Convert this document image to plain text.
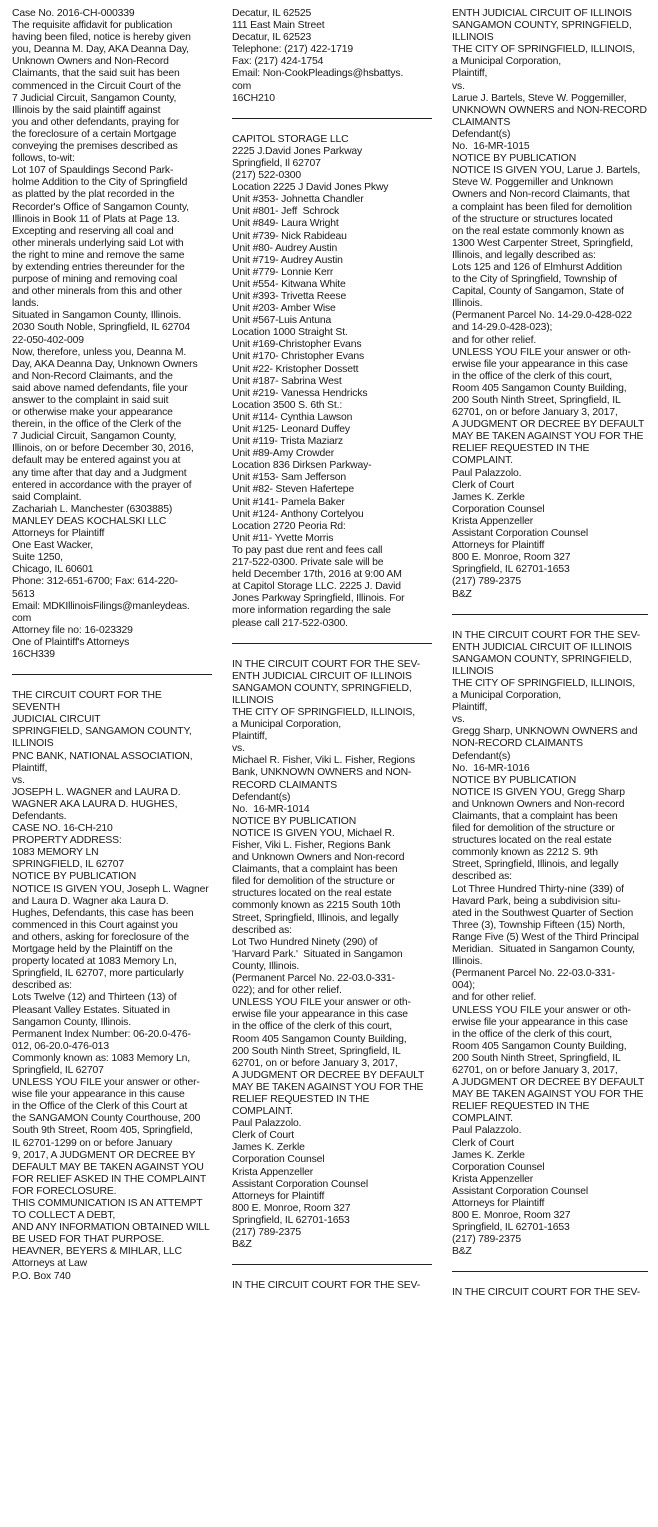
Case No. 2016-CH-000339
The requisite affidavit for publication
having been filed, notice is hereby given
you, Deanna M. Day, AKA Deanna Day,
Unknown Owners and Non-Record
Claimants, that the said suit has been
commenced in the Circuit Court of the
7 Judicial Circuit, Sangamon County,
Illinois by the said plaintiff against
you and other defendants, praying for
the foreclosure of a certain Mortgage
conveying the premises described as
follows, to-wit:
Lot 107 of Spauldings Second Park-
holme Addition to the City of Springfield
as platted by the plat recorded in the
Recorder's Office of Sangamon County,
Illinois in Book 11 of Plats at Page 13.
Excepting and reserving all coal and
other minerals underlying said Lot with
the right to mine and remove the same
by extending entries thereunder for the
purpose of mining and removing coal
and other minerals from this and other
lands.
Situated in Sangamon County, Illinois.
2030 South Noble, Springfield, IL 62704
22-050-402-009
Now, therefore, unless you, Deanna M.
Day, AKA Deanna Day, Unknown Owners
and Non-Record Claimants, and the
said above named defendants, file your
answer to the complaint in said suit
or otherwise make your appearance
therein, in the office of the Clerk of the
7 Judicial Circuit, Sangamon County,
Illinois, on or before December 30, 2016,
default may be entered against you at
any time after that day and a Judgment
entered in accordance with the prayer of
said Complaint.
Zachariah L. Manchester (6303885)
MANLEY DEAS KOCHALSKI LLC
Attorneys for Plaintiff
One East Wacker,
Suite 1250,
Chicago, IL 60601
Phone: 312-651-6700; Fax: 614-220-
5613
Email: MDKIllinoisFilings@manleydeas.
com
Attorney file no: 16-023329
One of Plaintiff's Attorneys
16CH339
THE CIRCUIT COURT FOR THE SEVENTH
JUDICIAL CIRCUIT
SPRINGFIELD, SANGAMON COUNTY,
ILLINOIS
PNC BANK, NATIONAL ASSOCIATION,
Plaintiff,
vs.
JOSEPH L. WAGNER and LAURA D.
WAGNER AKA LAURA D. HUGHES,
Defendants.
CASE NO. 16-CH-210
PROPERTY ADDRESS:
1083 MEMORY LN
SPRINGFIELD, IL 62707
NOTICE BY PUBLICATION
NOTICE IS GIVEN YOU, Joseph L. Wagner
and Laura D. Wagner aka Laura D.
Hughes, Defendants, this case has been
commenced in this Court against you
and others, asking for foreclosure of the
Mortgage held by the Plaintiff on the
property located at 1083 Memory Ln,
Springfield, IL 62707, more particularly
described as:
Lots Twelve (12) and Thirteen (13) of
Pleasant Valley Estates. Situated in
Sangamon County, Illinois.
Permanent Index Number: 06-20.0-476-
012, 06-20.0-476-013
Commonly known as: 1083 Memory Ln,
Springfield, IL 62707
UNLESS YOU FILE your answer or other-
wise file your appearance in this cause
in the Office of the Clerk of this Court at
the SANGAMON County Courthouse, 200
South 9th Street, Room 405, Springfield,
IL 62701-1299 on or before January
9, 2017, A JUDGMENT OR DECREE BY
DEFAULT MAY BE TAKEN AGAINST YOU
FOR RELIEF ASKED IN THE COMPLAINT
FOR FORECLOSURE.
THIS COMMUNICATION IS AN ATTEMPT
TO COLLECT A DEBT,
AND ANY INFORMATION OBTAINED WILL
BE USED FOR THAT PURPOSE.
HEAVNER, BEYERS & MIHLAR, LLC
Attorneys at Law
P.O. Box 740
Decatur, IL 62525
111 East Main Street
Decatur, IL 62523
Telephone: (217) 422-1719
Fax: (217) 424-1754
Email: Non-CookPleadings@hsbattys.
com
16CH210
CAPITOL STORAGE LLC
2225 J.David Jones Parkway
Springfield, Il 62707
(217) 522-0300
Location 2225 J David Jones Pkwy
Unit #353- Johnetta Chandler
Unit #801- Jeff  Schrock
Unit #849- Laura Wright
Unit #739- Nick Rabideau
Unit #80- Audrey Austin
Unit #719- Audrey Austin
Unit #779- Lonnie Kerr
Unit #554- Kitwana White
Unit #393- Trivetta Reese
Unit #203- Amber Wise
Unit #567-Luis Antuna
Location 1000 Straight St.
Unit #169-Christopher Evans
Unit #170- Christopher Evans
Unit #22- Kristopher Dossett
Unit #187- Sabrina West
Unit #219- Vanessa Hendricks
Location 3500 S. 6th St.:
Unit #114- Cynthia Lawson
Unit #125- Leonard Duffey
Unit #119- Trista Maziarz
Unit #89-Amy Crowder
Location 836 Dirksen Parkway-
Unit #153- Sam Jefferson
Unit #82- Steven Hafertepe
Unit #141- Pamela Baker
Unit #124- Anthony Cortelyou
Location 2720 Peoria Rd:
Unit #11- Yvette Morris
To pay past due rent and fees call
217-522-0300. Private sale will be
held December 17th, 2016 at 9:00 AM
at Capitol Storage LLC. 2225 J. David
Jones Parkway Springfield, Illinois. For
more information regarding the sale
please call 217-522-0300.
IN THE CIRCUIT COURT FOR THE SEV-
ENTH JUDICIAL CIRCUIT OF ILLINOIS
SANGAMON COUNTY, SPRINGFIELD,
ILLINOIS
THE CITY OF SPRINGFIELD, ILLINOIS,
a Municipal Corporation,
Plaintiff,
vs.
Michael R. Fisher, Viki L. Fisher, Regions
Bank, UNKNOWN OWNERS and NON-
RECORD CLAIMANTS
Defendant(s)
No.  16-MR-1014
NOTICE BY PUBLICATION
NOTICE IS GIVEN YOU, Michael R.
Fisher, Viki L. Fisher, Regions Bank
and Unknown Owners and Non-record
Claimants, that a complaint has been
filed for demolition of the structure or
structures located on the real estate
commonly known as 2215 South 10th
Street, Springfield, Illinois, and legally
described as:
Lot Two Hundred Ninety (290) of
'Harvard Park.'  Situated in Sangamon
County, Illinois.
(Permanent Parcel No. 22-03.0-331-
022); and for other relief.
UNLESS YOU FILE your answer or oth-
erwise file your appearance in this case
in the office of the clerk of this court,
Room 405 Sangamon County Building,
200 South Ninth Street, Springfield, IL
62701, on or before January 3, 2017,
A JUDGMENT OR DECREE BY DEFAULT
MAY BE TAKEN AGAINST YOU FOR THE
RELIEF REQUESTED IN THE COMPLAINT.
Paul Palazzolo.
Clerk of Court
James K. Zerkle
Corporation Counsel
Krista Appenzeller
Assistant Corporation Counsel
Attorneys for Plaintiff
800 E. Monroe, Room 327
Springfield, IL 62701-1653
(217) 789-2375
B&Z
IN THE CIRCUIT COURT FOR THE SEV-
ENTH JUDICIAL CIRCUIT OF ILLINOIS
SANGAMON COUNTY, SPRINGFIELD,
ILLINOIS
THE CITY OF SPRINGFIELD, ILLINOIS,
a Municipal Corporation,
Plaintiff,
vs.
Larue J. Bartels, Steve W. Poggemiller,
UNKNOWN OWNERS and NON-RECORD
CLAIMANTS
Defendant(s)
No.  16-MR-1015
NOTICE BY PUBLICATION
NOTICE IS GIVEN YOU, Larue J. Bartels,
Steve W. Poggemiller and Unknown
Owners and Non-record Claimants, that
a complaint has been filed for demolition
of the structure or structures located
on the real estate commonly known as
1300 West Carpenter Street, Springfield,
Illinois, and legally described as:
Lots 125 and 126 of Elmhurst Addition
to the City of Springfield, Township of
Capital, County of Sangamon, State of
Illinois.
(Permanent Parcel No. 14-29.0-428-022
and 14-29.0-428-023);
and for other relief.
UNLESS YOU FILE your answer or oth-
erwise file your appearance in this case
in the office of the clerk of this court,
Room 405 Sangamon County Building,
200 South Ninth Street, Springfield, IL
62701, on or before January 3, 2017,
A JUDGMENT OR DECREE BY DEFAULT
MAY BE TAKEN AGAINST YOU FOR THE
RELIEF REQUESTED IN THE COMPLAINT.
Paul Palazzolo.
Clerk of Court
James K. Zerkle
Corporation Counsel
Krista Appenzeller
Assistant Corporation Counsel
Attorneys for Plaintiff
800 E. Monroe, Room 327
Springfield, IL 62701-1653
(217) 789-2375
B&Z
IN THE CIRCUIT COURT FOR THE SEV-
ENTH JUDICIAL CIRCUIT OF ILLINOIS
SANGAMON COUNTY, SPRINGFIELD,
ILLINOIS
THE CITY OF SPRINGFIELD, ILLINOIS,
a Municipal Corporation,
Plaintiff,
vs.
Gregg Sharp, UNKNOWN OWNERS and
NON-RECORD CLAIMANTS
Defendant(s)
No.  16-MR-1016
NOTICE BY PUBLICATION
NOTICE IS GIVEN YOU, Gregg Sharp
and Unknown Owners and Non-record
Claimants, that a complaint has been
filed for demolition of the structure or
structures located on the real estate
commonly known as 2212 S. 9th
Street, Springfield, Illinois, and legally
described as:
Lot Three Hundred Thirty-nine (339) of
Havard Park, being a subdivision situ-
ated in the Southwest Quarter of Section
Three (3), Township Fifteen (15) North,
Range Five (5) West of the Third Principal
Meridian.  Situated in Sangamon County,
Illinois.
(Permanent Parcel No. 22-03.0-331-
004);
and for other relief.
UNLESS YOU FILE your answer or oth-
erwise file your appearance in this case
in the office of the clerk of this court,
Room 405 Sangamon County Building,
200 South Ninth Street, Springfield, IL
62701, on or before January 3, 2017,
A JUDGMENT OR DECREE BY DEFAULT
MAY BE TAKEN AGAINST YOU FOR THE
RELIEF REQUESTED IN THE COMPLAINT.
Paul Palazzolo.
Clerk of Court
James K. Zerkle
Corporation Counsel
Krista Appenzeller
Assistant Corporation Counsel
Attorneys for Plaintiff
800 E. Monroe, Room 327
Springfield, IL 62701-1653
(217) 789-2375
B&Z
IN THE CIRCUIT COURT FOR THE SEV-
